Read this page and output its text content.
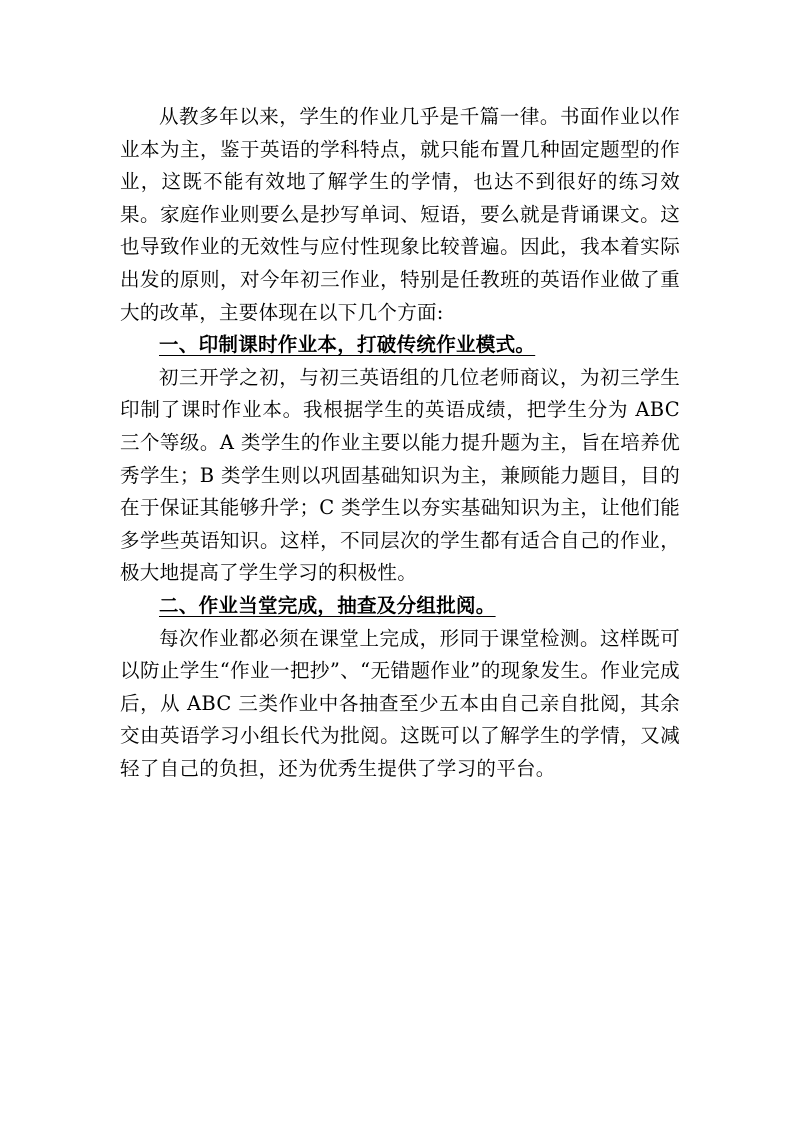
从教多年以来，学生的作业几乎是千篇一律。书面作业以作业本为主，鉴于英语的学科特点，就只能布置几种固定题型的作业，这既不能有效地了解学生的学情，也达不到很好的练习效果。家庭作业则要么是抄写单词、短语，要么就是背诵课文。这也导致作业的无效性与应付性现象比较普遍。因此，我本着实际出发的原则，对今年初三作业，特别是任教班的英语作业做了重大的改革，主要体现在以下几个方面:

一、印制课时作业本，打破传统作业模式。

初三开学之初，与初三英语组的几位老师商议，为初三学生印制了课时作业本。我根据学生的英语成绩，把学生分为 ABC 三个等级。A 类学生的作业主要以能力提升题为主，旨在培养优秀学生；B 类学生则以巩固基础知识为主，兼顾能力题目，目的在于保证其能够升学；C 类学生以夯实基础知识为主，让他们能多学些英语知识。这样，不同层次的学生都有适合自己的作业，极大地提高了学生学习的积极性。

二、作业当堂完成，抽查及分组批阅。

每次作业都必须在课堂上完成，形同于课堂检测。这样既可以防止学生“作业一把抄”、“无错题作业”的现象发生。作业完成后，从 ABC 三类作业中各抽查至少五本由自己亲自批阅，其余交由英语学习小组长代为批阅。这既可以了解学生的学情，又减轻了自己的负担，还为优秀生提供了学习的平台。
